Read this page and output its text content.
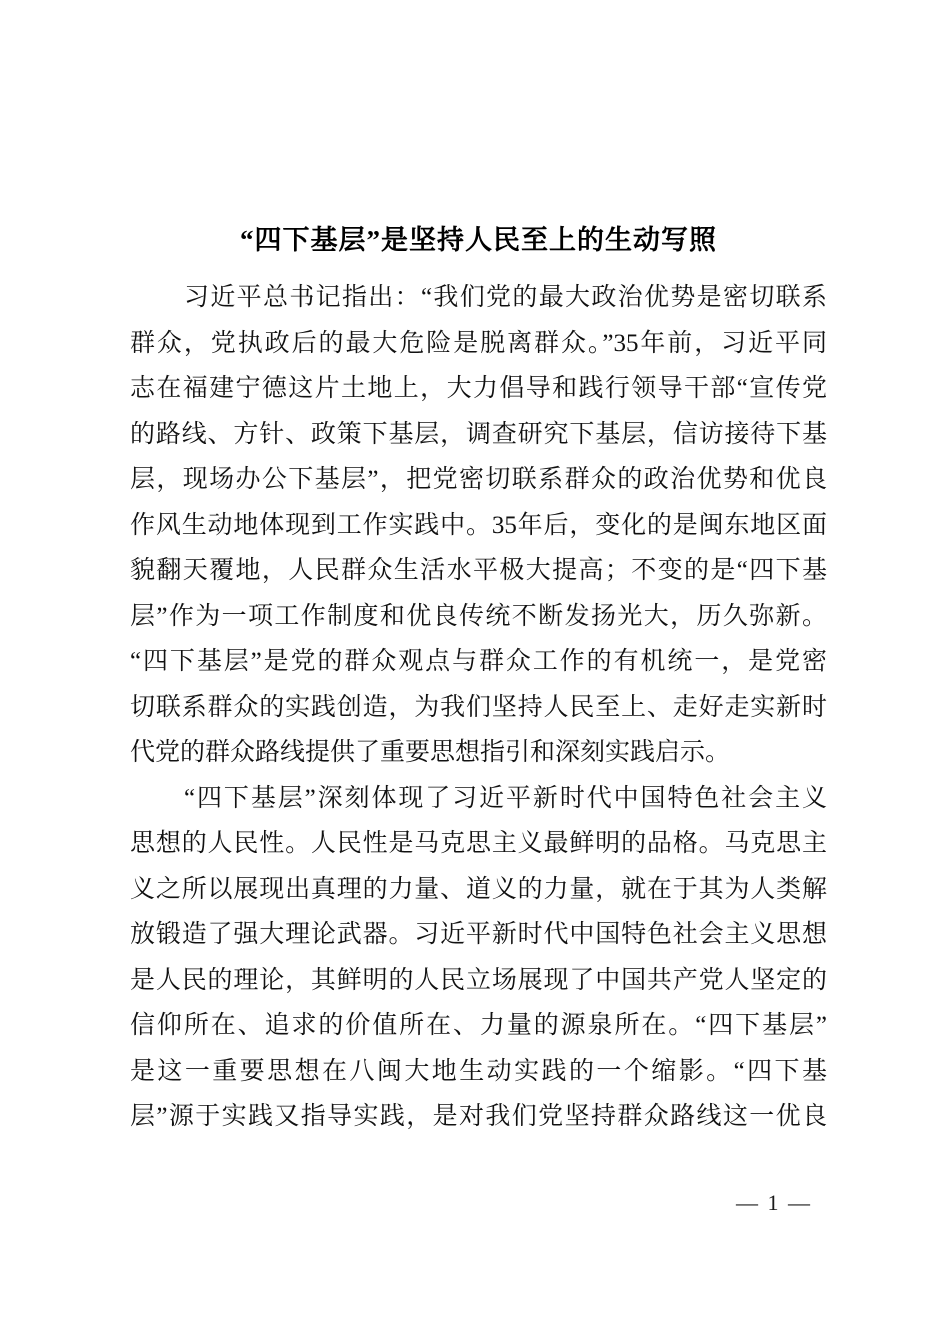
“四下基层”是坚持人民至上的生动写照
习近平总书记指出：“我们党的最大政治优势是密切联系
群众，党执政后的最大危险是脱离群众。”35年前，习近平同
志在福建宁德这片土地上，大力倡导和践行领导干部“宣传党
的路线、方针、政策下基层，调查研究下基层，信访接待下基
层，现场办公下基层”，把党密切联系群众的政治优势和优良
作风生动地体现到工作实践中。35年后，变化的是闽东地区面
貌翻天覆地，人民群众生活水平极大提高；不变的是“四下基
层”作为一项工作制度和优良传统不断发扬光大，历久弥新。
“四下基层”是党的群众观点与群众工作的有机统一，是党密
切联系群众的实践创造，为我们坚持人民至上、走好走实新时
代党的群众路线提供了重要思想指引和深刻实践启示。
“四下基层”深刻体现了习近平新时代中国特色社会主义
思想的人民性。人民性是马克思主义最鲜明的品格。马克思主
义之所以展现出真理的力量、道义的力量，就在于其为人类解
放锻造了强大理论武器。习近平新时代中国特色社会主义思想
是人民的理论，其鲜明的人民立场展现了中国共产党人坚定的
信仰所在、追求的价值所在、力量的源泉所在。“四下基层”
是这一重要思想在八闽大地生动实践的一个缩影。“四下基
层”源于实践又指导实践，是对我们党坚持群众路线这一优良
— 1 —
